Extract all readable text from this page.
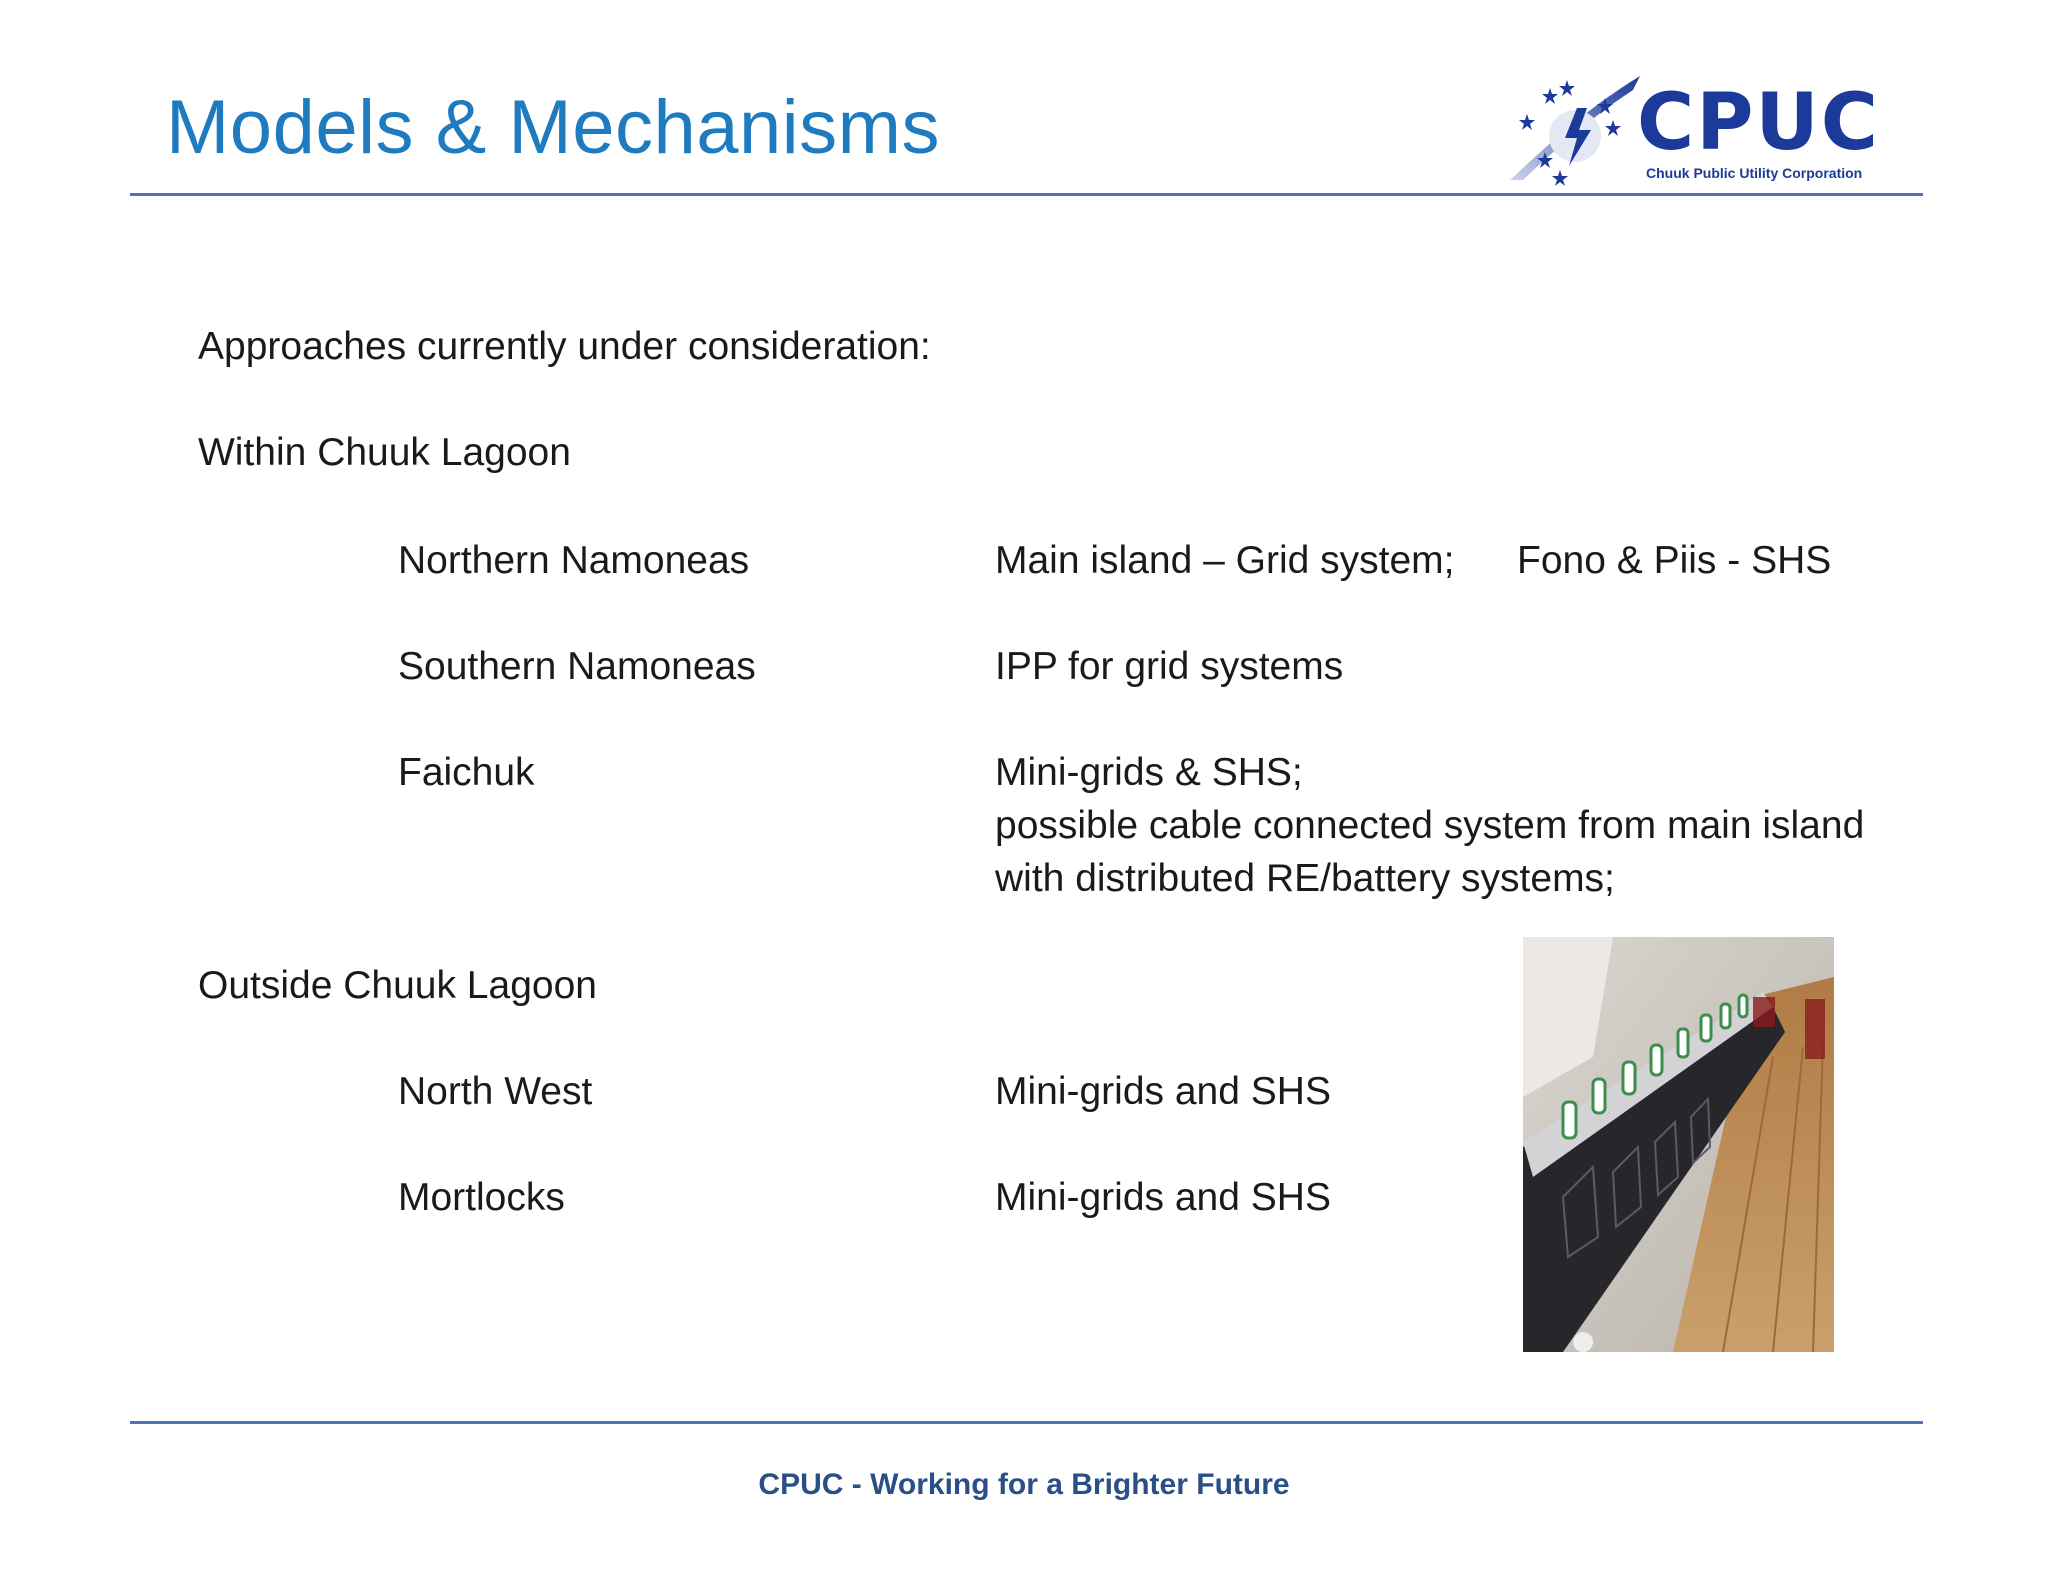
Models & Mechanisms	CPUC
Chuuk Public Utility Corporation
Approaches currently under consideration:
Within Chuuk Lagoon
Northern Namoneas	Main island – Grid system; Fono & Piis - SHS
Southern Namoneas	IPP for grid systems
Faichuk	Mini-grids & SHS;
possible cable connected system from main island
with distributed RE/battery systems;
Outside Chuuk Lagoon
North West	Mini-grids and SHS
Mortlocks	Mini-grids and SHS
CPUC - Working for a Brighter Future
